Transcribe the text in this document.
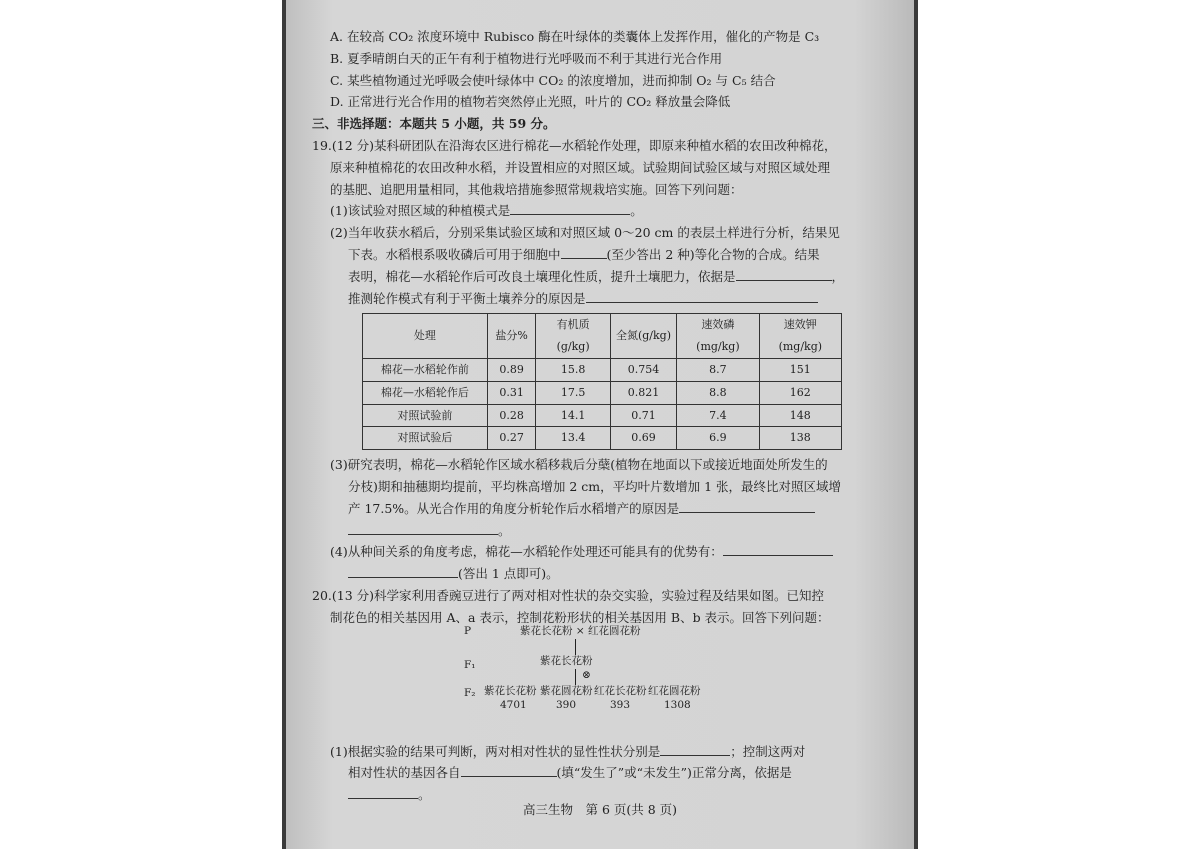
A. 在较高 CO₂ 浓度环境中 Rubisco 酶在叶绿体的类囊体上发挥作用，催化的产物是 C₃
B. 夏季晴朗白天的正午有利于植物进行光呼吸而不利于其进行光合作用
C. 某些植物通过光呼吸会使叶绿体中 CO₂ 的浓度增加，进而抑制 O₂ 与 C₅ 结合
D. 正常进行光合作用的植物若突然停止光照，叶片的 CO₂ 释放量会降低
三、非选择题：本题共 5 小题，共 59 分。
19.(12 分)某科研团队在沿海农区进行棉花—水稻轮作处理，即原来种植水稻的农田改种棉花，
原来种植棉花的农田改种水稻，并设置相应的对照区域。试验期间试验区域与对照区域处理
的基肥、追肥用量相同，其他栽培措施参照常规栽培实施。回答下列问题：
(1)该试验对照区域的种植模式是	。
(2)当年收获水稻后，分别采集试验区域和对照区域 0～20 cm 的表层土样进行分析，结果见
下表。水稻根系吸收磷后可用于细胞中	(至少答出 2 种)等化合物的合成。结果
表明，棉花—水稻轮作后可改良土壤理化性质，提升土壤肥力，依据是	，
推测轮作模式有利于平衡土壤养分的原因是
处理	盐分%	有机质(g/kg)	全氮(g/kg)	速效磷(mg/kg)	速效钾(mg/kg)
棉花—水稻轮作前	0.89	15.8	0.754	8.7	151
棉花—水稻轮作后	0.31	17.5	0.821	8.8	162
对照试验前	0.28	14.1	0.71	7.4	148
对照试验后	0.27	13.4	0.69	6.9	138
(3)研究表明，棉花—水稻轮作区域水稻移栽后分蘖(植物在地面以下或接近地面处所发生的
分枝)期和抽穗期均提前，平均株高增加 2 cm，平均叶片数增加 1 张，最终比对照区域增
产 17.5%。从光合作用的角度分析轮作后水稻增产的原因是
。
(4)从种间关系的角度考虑，棉花—水稻轮作处理还可能具有的优势有：
(答出 1 点即可)。
20.(13 分)科学家利用香豌豆进行了两对相对性状的杂交实验，实验过程及结果如图。已知控
制花色的相关基因用 A、a 表示，控制花粉形状的相关基因用 B、b 表示。回答下列问题：
(1)根据实验的结果可判断，两对相对性状的显性性状分别是	；控制这两对
相对性状的基因各自	(填“发生了”或“未发生”)正常分离，依据是
。
P	紫花长花粉 × 红花圆花粉
F₁	紫花长花粉
⊗
F₂ 紫花长花粉 紫花圆花粉 红花长花粉 红花圆花粉
4701	390	393	1308
高三生物　第 6 页(共 8 页)
